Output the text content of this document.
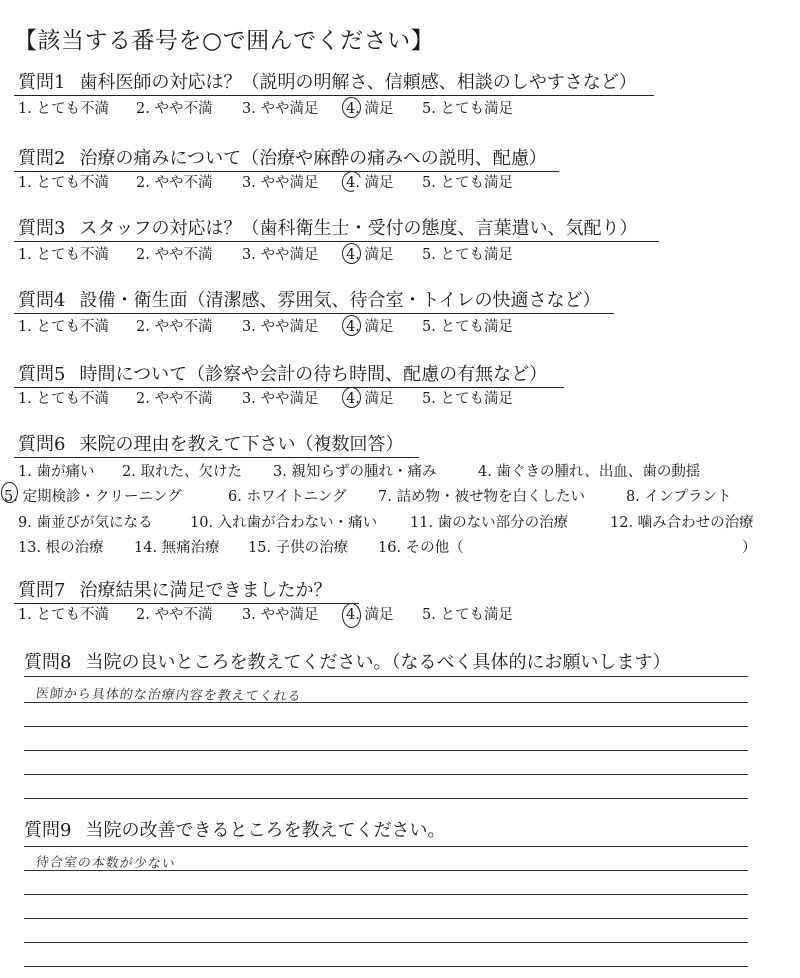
【該当する番号を○で囲んでください】
質問1 歯科医師の対応は？（説明の明解さ、信頼感、相談のしやすさなど）
1. とても不満 2. やや不満 3. やや満足 4. 満足 5. とても満足
質問2 治療の痛みについて（治療や麻酔の痛みへの説明、配慮）
1. とても不満 2. やや不満 3. やや満足 4. 満足 5. とても満足
質問3 スタッフの対応は？（歯科衛生士・受付の態度、言葉遣い、気配り）
1. とても不満 2. やや不満 3. やや満足 4. 満足 5. とても満足
質問4 設備・衛生面（清潔感、雰囲気、待合室・トイレの快適さなど）
1. とても不満 2. やや不満 3. やや満足 4. 満足 5. とても満足
質問5 時間について（診察や会計の待ち時間、配慮の有無など）
1. とても不満 2. やや不満 3. やや満足 4. 満足 5. とても満足
質問6 来院の理由を教えて下さい（複数回答）
1. 歯が痛い 2. 取れた、欠けた 3. 親知らずの腫れ・痛み	4. 歯ぐきの腫れ、出血、歯の動揺
5. 定期検診・クリーニング	6. ホワイトニング 7. 詰め物・被せ物を白くしたい	8. インプラント
9. 歯並びが気になる	10. 入れ歯が合わない・痛い 11. 歯のない部分の治療	12. 噛み合わせの治療
13. 根の治療 14. 無痛治療 15. 子供の治療 16. その他（	）
質問7 治療結果に満足できましたか？
1. とても不満 2. やや不満 3. やや満足 4. 満足 5. とても満足
質問8 当院の良いところを教えてください。（なるべく具体的にお願いします）
医師から具体的な治療内容を教えてくれる
質問9 当院の改善できるところを教えてください。
待合室の本数が少ない
